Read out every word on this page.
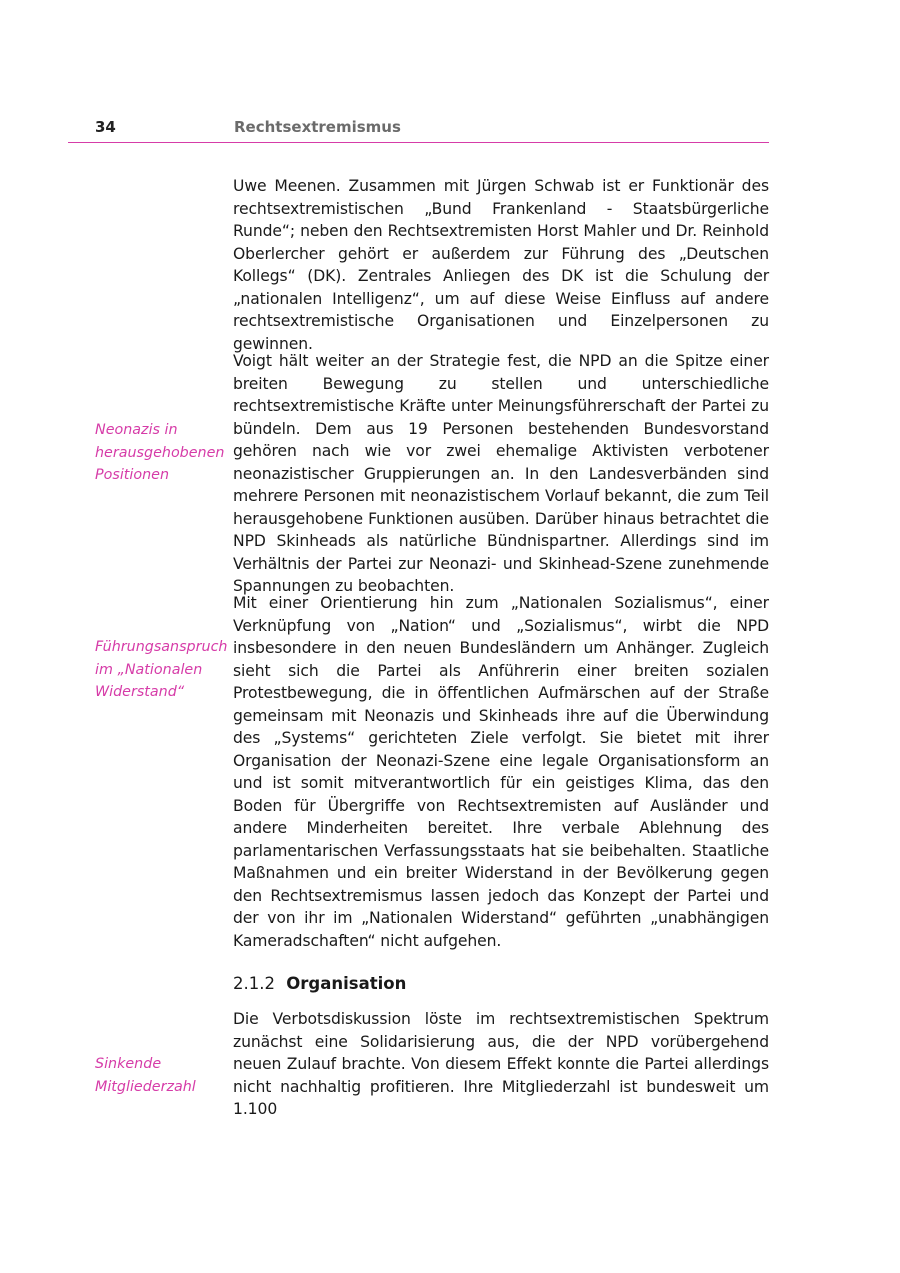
34	Rechtsextremismus

Uwe Meenen. Zusammen mit Jürgen Schwab ist er Funktionär des rechtsextremistischen „Bund Frankenland - Staatsbürgerliche Runde“; neben den Rechtsextremisten Horst Mahler und Dr. Reinhold Oberlercher gehört er außerdem zur Führung des „Deutschen Kollegs“ (DK). Zentrales Anliegen des DK ist die Schulung der „nationalen Intelligenz“, um auf diese Weise Einfluss auf andere rechtsextremistische Organisationen und Einzelpersonen zu gewinnen.

Voigt hält weiter an der Strategie fest, die NPD an die Spitze einer breiten Bewegung zu stellen und unterschiedliche rechtsextremistische Kräfte unter Meinungsführerschaft der Partei zu bündeln. Dem aus 19 Personen bestehenden Bundesvorstand gehören nach wie vor zwei ehemalige Aktivisten verbotener neonazistischer Gruppierungen an. In den Landesverbänden sind mehrere Personen mit neonazistischem Vorlauf bekannt, die zum Teil herausgehobene Funktionen ausüben. Darüber hinaus betrachtet die NPD Skinheads als natürliche Bündnispartner. Allerdings sind im Verhältnis der Partei zur Neonazi- und Skinhead-Szene zunehmende Spannungen zu beobachten.

Mit einer Orientierung hin zum „Nationalen Sozialismus“, einer Verknüpfung von „Nation“ und „Sozialismus“, wirbt die NPD insbesondere in den neuen Bundesländern um Anhänger. Zugleich sieht sich die Partei als Anführerin einer breiten sozialen Protestbewegung, die in öffentlichen Aufmärschen auf der Straße gemeinsam mit Neonazis und Skinheads ihre auf die Überwindung des „Systems“ gerichteten Ziele verfolgt. Sie bietet mit ihrer Organisation der Neonazi-Szene eine legale Organisationsform an und ist somit mitverantwortlich für ein geistiges Klima, das den Boden für Übergriffe von Rechtsextremisten auf Ausländer und andere Minderheiten bereitet. Ihre verbale Ablehnung des parlamentarischen Verfassungsstaats hat sie beibehalten. Staatliche Maßnahmen und ein breiter Widerstand in der Bevölkerung gegen den Rechtsextremismus lassen jedoch das Konzept der Partei und der von ihr im „Nationalen Widerstand“ geführten „unabhängigen Kameradschaften“ nicht aufgehen.

2.1.2 Organisation

Die Verbotsdiskussion löste im rechtsextremistischen Spektrum zunächst eine Solidarisierung aus, die der NPD vorübergehend neuen Zulauf brachte. Von diesem Effekt konnte die Partei allerdings nicht nachhaltig profitieren. Ihre Mitgliederzahl ist bundesweit um 1.100

Neonazis in
herausgehobenen
Positionen
Führungsanspruch
im „Nationalen
Widerstand“
Sinkende
Mitgliederzahl
